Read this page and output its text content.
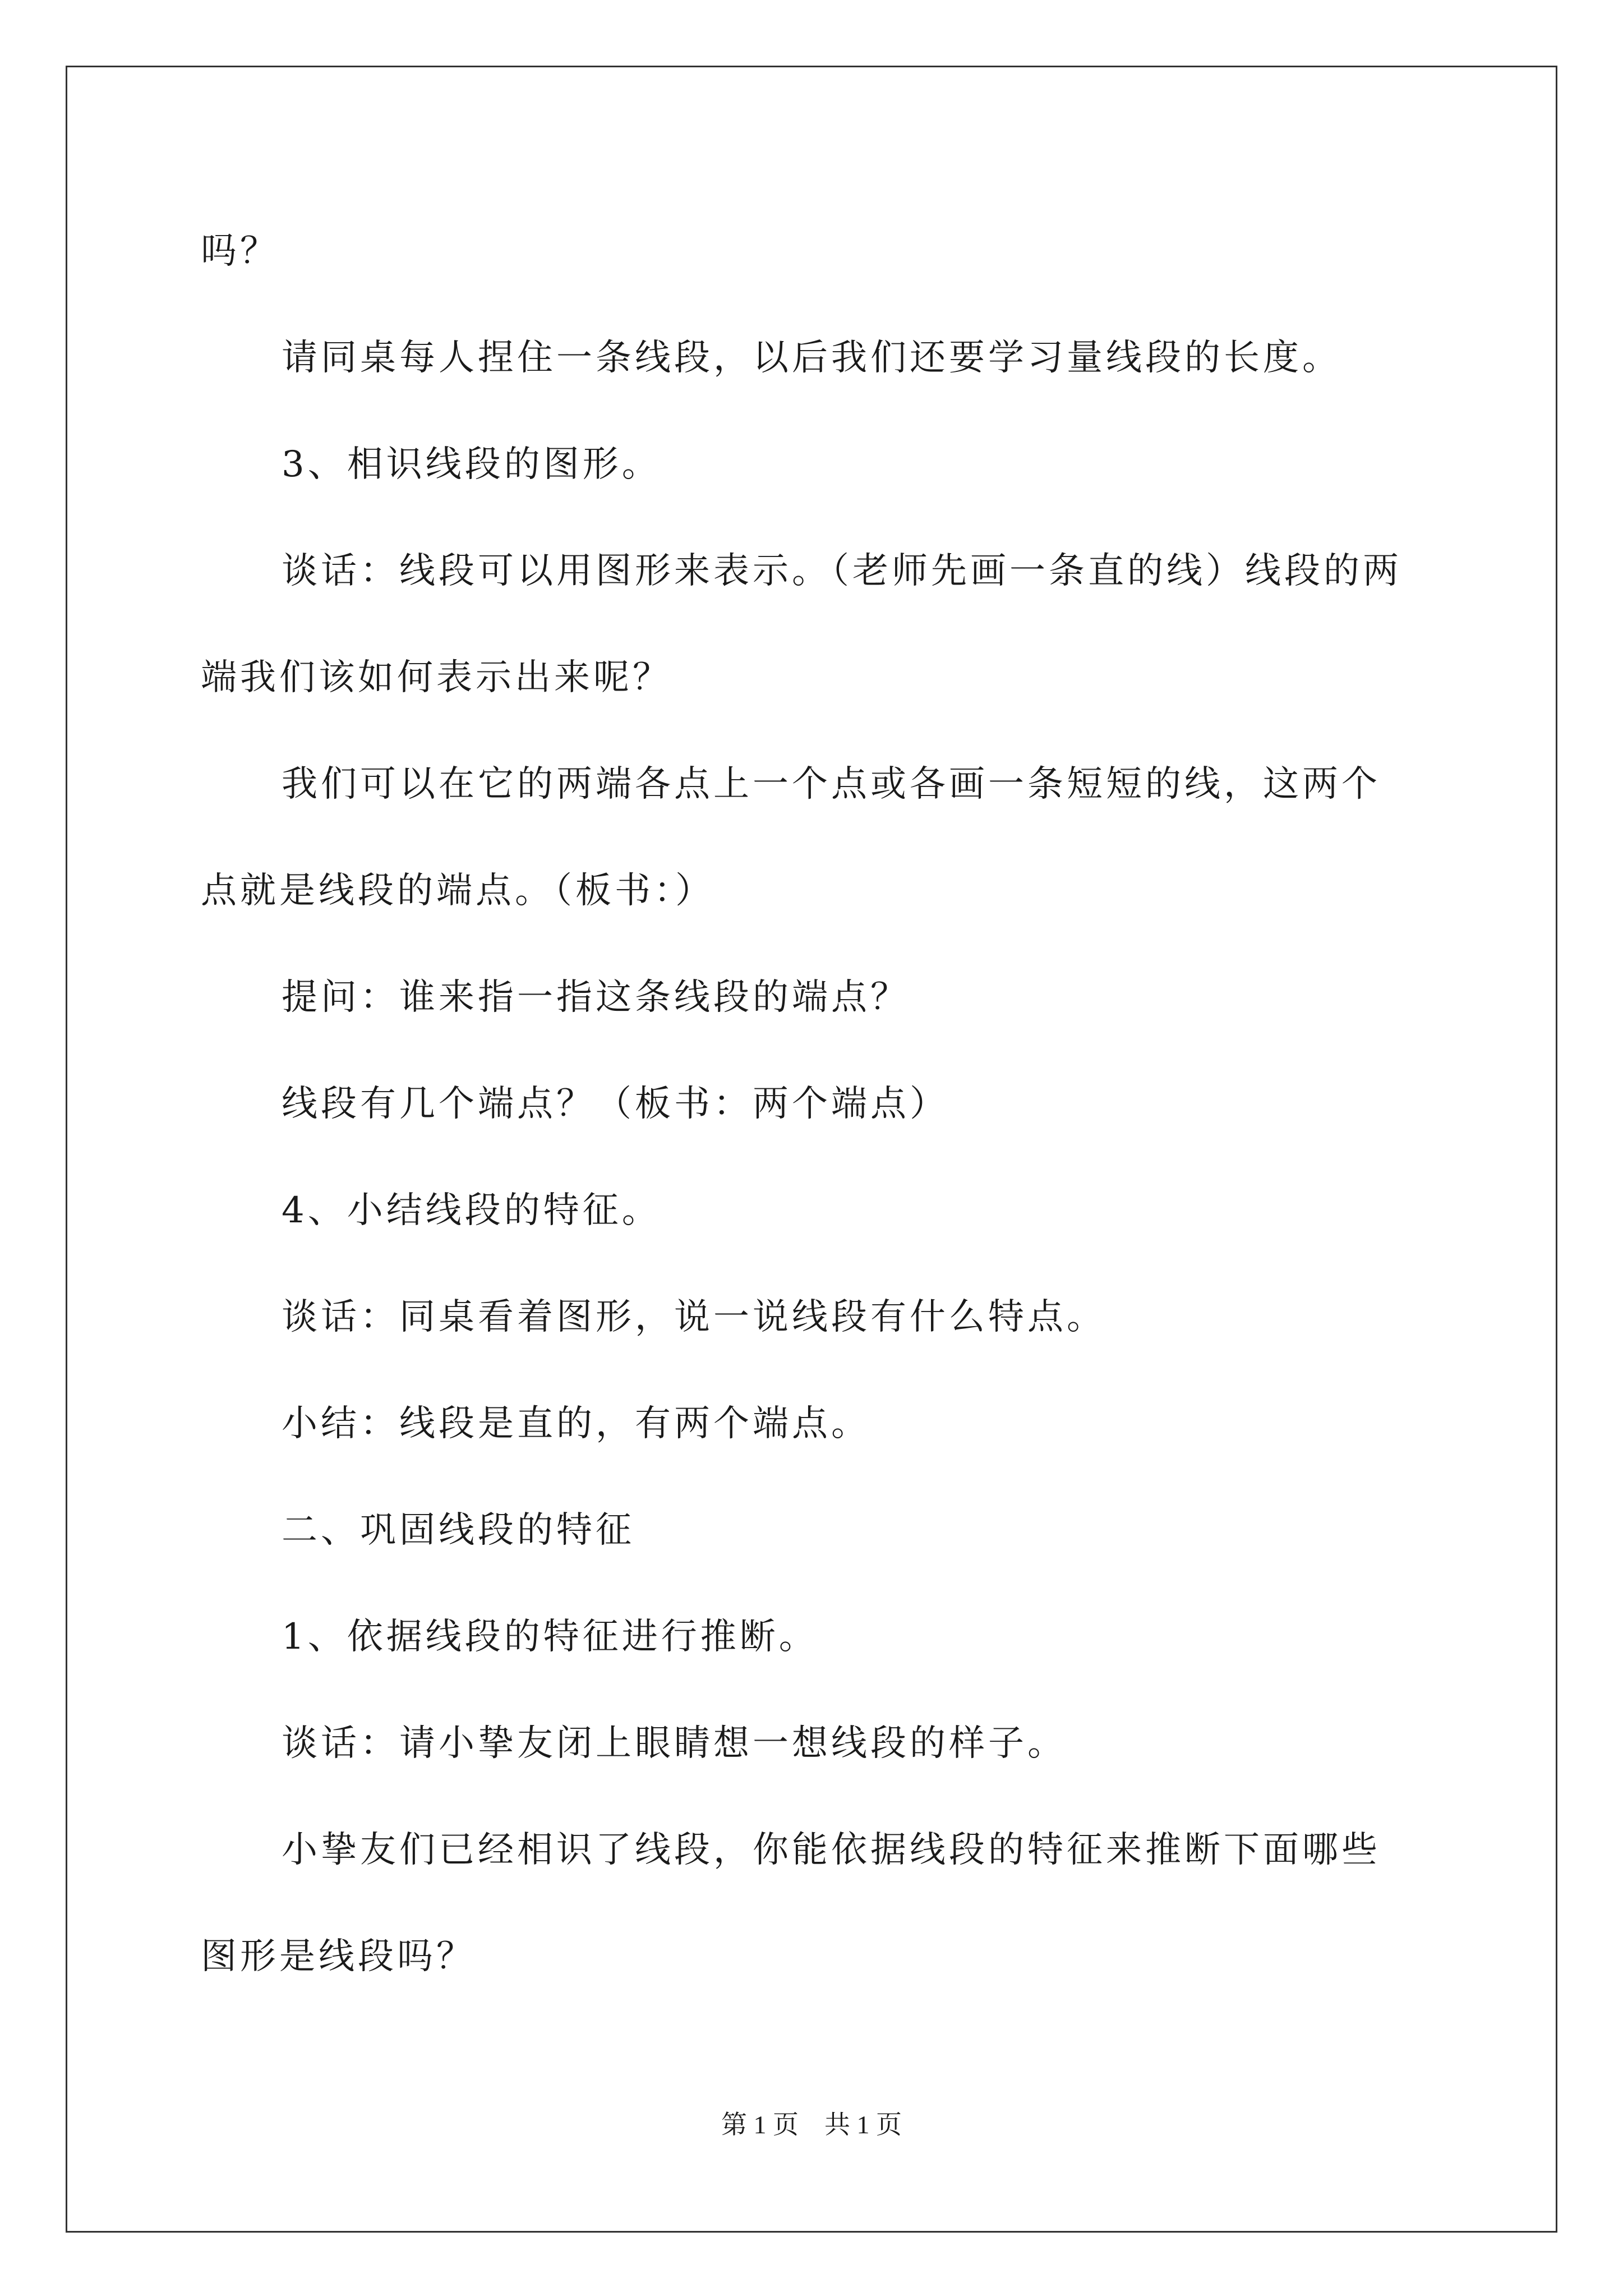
吗？
请同桌每人捏住一条线段，以后我们还要学习量线段的长度。
3、相识线段的图形。
谈话：线段可以用图形来表示。（老师先画一条直的线）线段的两
端我们该如何表示出来呢？
我们可以在它的两端各点上一个点或各画一条短短的线，这两个
点就是线段的端点。（板书：）
提问：谁来指一指这条线段的端点？
线段有几个端点？（板书：两个端点）
4、小结线段的特征。
谈话：同桌看着图形，说一说线段有什么特点。
小结：线段是直的，有两个端点。
二、巩固线段的特征
1、依据线段的特征进行推断。
谈话：请小挚友闭上眼睛想一想线段的样子。
小挚友们已经相识了线段，你能依据线段的特征来推断下面哪些
图形是线段吗？
第 1 页    共 1 页
